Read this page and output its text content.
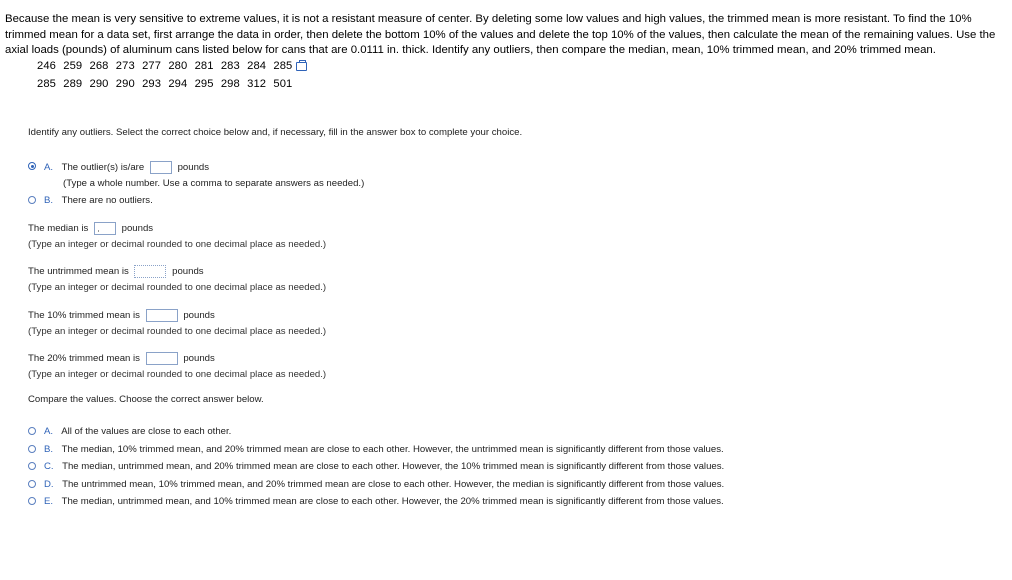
Because the mean is very sensitive to extreme values, it is not a resistant measure of center. By deleting some low values and high values, the trimmed mean is more resistant. To find the 10% trimmed mean for a data set, first arrange the data in order, then delete the bottom 10% of the values and delete the top 10% of the values, then calculate the mean of the remaining values. Use the axial loads (pounds) of aluminum cans listed below for cans that are 0.0111 in. thick. Identify any outliers, then compare the median, mean, 10% trimmed mean, and 20% trimmed mean.
246 259 268 273 277 280 281 283 284 285
285 289 290 290 293 294 295 298 312 501
Identify any outliers. Select the correct choice below and, if necessary, fill in the answer box to complete your choice.
A. The outlier(s) is/are	pounds
(Type a whole number. Use a comma to separate answers as needed.)
B. There are no outliers.
The median is	pounds
(Type an integer or decimal rounded to one decimal place as needed.)
The untrimmed mean is	pounds
(Type an integer or decimal rounded to one decimal place as needed.)
The 10% trimmed mean is	pounds
(Type an integer or decimal rounded to one decimal place as needed.)
The 20% trimmed mean is	pounds
(Type an integer or decimal rounded to one decimal place as needed.)
Compare the values. Choose the correct answer below.
A. All of the values are close to each other.
B. The median, 10% trimmed mean, and 20% trimmed mean are close to each other. However, the untrimmed mean is significantly different from those values.
C. The median, untrimmed mean, and 20% trimmed mean are close to each other. However, the 10% trimmed mean is significantly different from those values.
D. The untrimmed mean, 10% trimmed mean, and 20% trimmed mean are close to each other. However, the median is significantly different from those values.
E. The median, untrimmed mean, and 10% trimmed mean are close to each other. However, the 20% trimmed mean is significantly different from those values.
